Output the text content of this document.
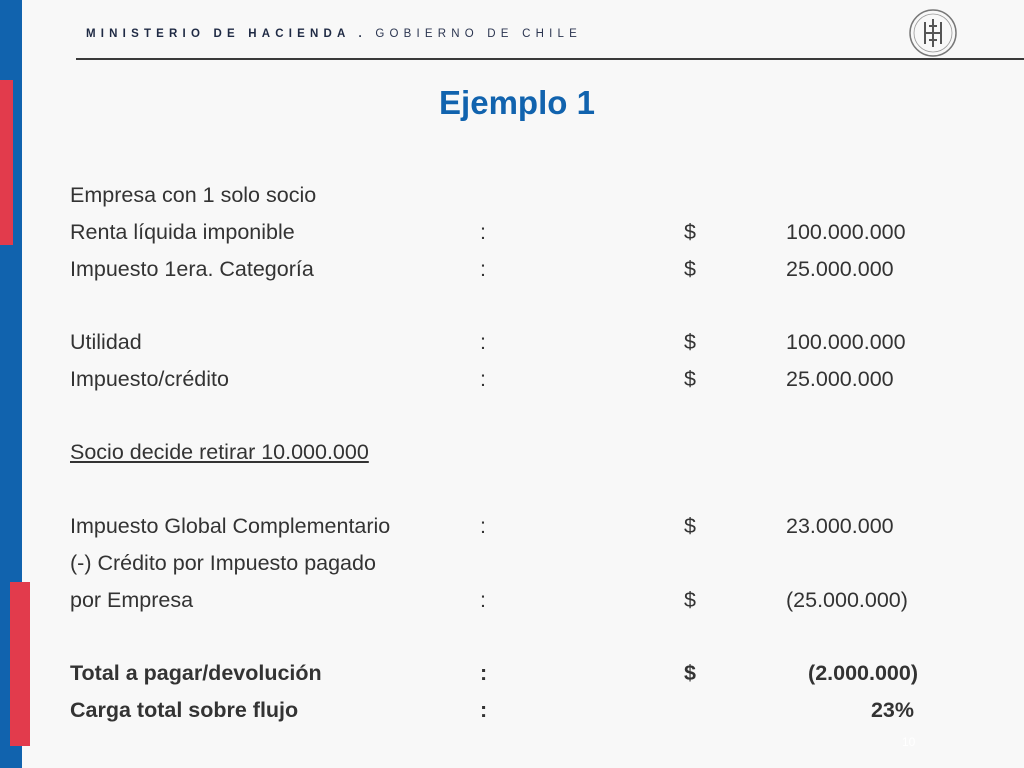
MINISTERIO DE HACIENDA . GOBIERNO DE CHILE
Ejemplo 1
Empresa con 1 solo socio
Renta líquida imponible	:	$	100.000.000
Impuesto 1era. Categoría	:	$	25.000.000
Utilidad	:	$	100.000.000
Impuesto/crédito	:	$	25.000.000
Socio decide retirar 10.000.000
Impuesto Global Complementario	:	$	23.000.000
(-) Crédito por Impuesto pagado
por Empresa	:	$	(25.000.000)
Total a pagar/devolución	:	$	(2.000.000)
Carga total sobre flujo	:	23%
10
